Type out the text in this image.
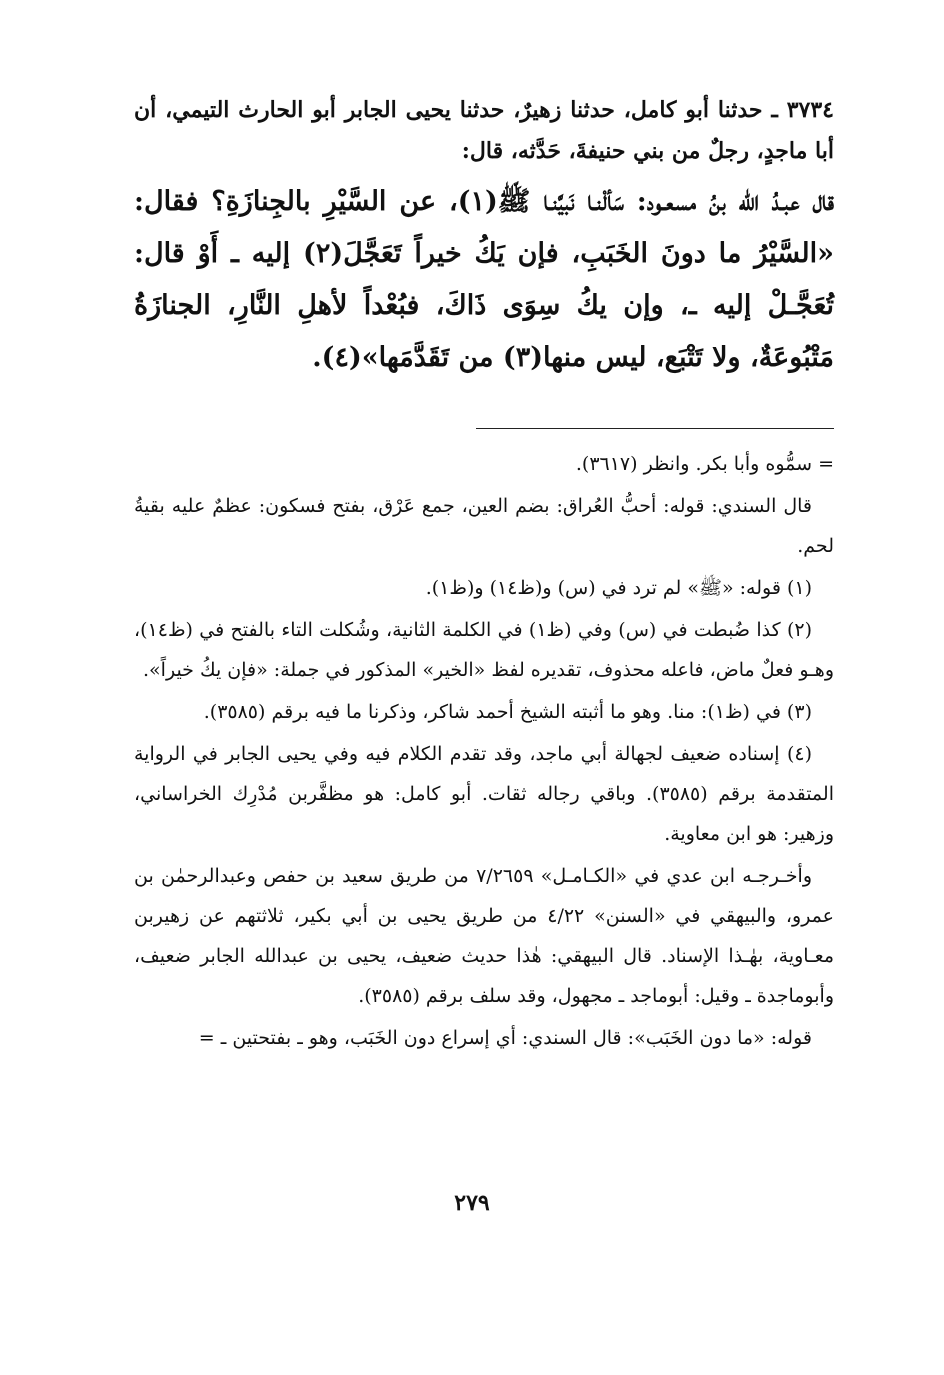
٣٧٣٤ ـ حدثنا أبو كامل، حدثنا زهيرٌ، حدثنا يحيى الجابر أبو الحارث التيمي، أن أبا ماجدٍ، رجلٌ من بني حنيفةَ، حَدَّثه، قال:

قال عبـدُ الله بنُ مسعـود: سَألْنـا نَبيَّنـا ﷺ(١)، عن السَّيْرِ بالجِنازَةِ؟ فقال: «السَّيْرُ ما دونَ الخَبَبِ، فإن يَكُ خيراً تَعَجَّلَ(٢) إليه ـ أَوْ قال: تُعَجَّـلْ إليه ـ، وإن يكُ سِوَى ذَاكَ، فبُعْداً لأهلِ النَّارِ، الجنازَةُ مَتْبُوعَةٌ، ولا تَتْبَع، ليس منها(٣) من تَقَدَّمَها»(٤).

= سمُّوه وأبا بكر. وانظر (٣٦١٧).

قال السندي: قوله: أحبُّ العُراق: بضم العين، جمع عَرْق، بفتح فسكون: عظمٌ عليه بقيةُ لحم.

(١) قوله: «ﷺ» لم ترد في (س) و(ظ١٤) و(ظ١).

(٢) كذا ضُبطت في (س) وفي (ظ١) في الكلمة الثانية، وشُكلت التاء بالفتح في (ظ١٤)، وهـو فعلٌ ماض، فاعله محذوف، تقديره لفظ «الخير» المذكور في جملة: «فإن يكُ خيراً».

(٣) في (ظ١): منا. وهو ما أثبته الشيخ أحمد شاكر، وذكرنا ما فيه برقم (٣٥٨٥).

(٤) إسناده ضعيف لجهالة أبي ماجد، وقد تقدم الكلام فيه وفي يحيى الجابر في الرواية المتقدمة برقم (٣٥٨٥). وباقي رجاله ثقات. أبو كامل: هو مظفَّربن مُدْرِك الخراساني، وزهير: هو ابن معاوية.

وأخـرجـه ابن عدي في «الكـامـل» ٧/٢٦٥٩ من طريق سعيد بن حفص وعبدالرحمٰن بن عمرو، والبيهقي في «السنن» ٤/٢٢ من طريق يحيى بن أبي بكير، ثلاثتهم عن زهيربن معـاوية، بهٰـذا الإسناد. قال البيهقي: هٰذا حديث ضعيف، يحيى بن عبدالله الجابر ضعيف، وأبوماجدة ـ وقيل: أبوماجد ـ مجهول، وقد سلف برقم (٣٥٨٥).

قوله: «ما دون الخَبَب»: قال السندي: أي إسراع دون الخَبَب، وهو ـ بفتحتين ـ =

٢٧٩
